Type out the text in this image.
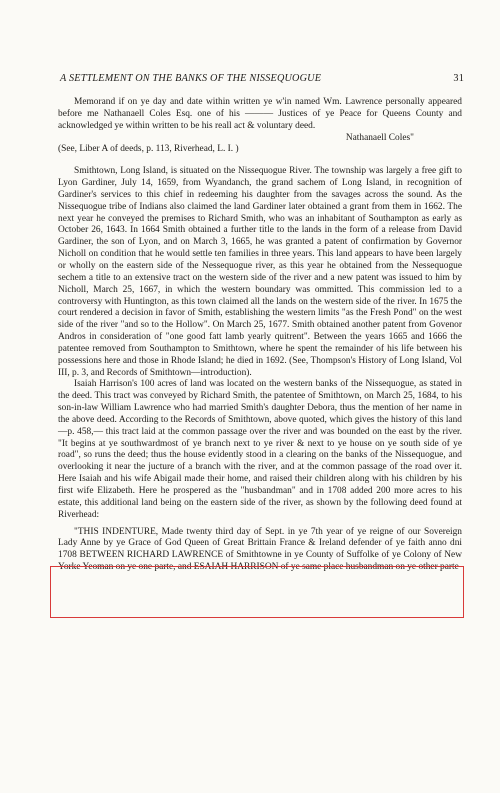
A SETTLEMENT ON THE BANKS OF THE NISSEQUOGUE	31

Memorand if on ye day and date within written ye w'in named Wm. Lawrence personally appeared before me Nathanaell Coles Esq. one of his ——— Justices of ye Peace for Queens County and acknowledged ye within written to be his reall act & voluntary deed.

Nathanaell Coles"

(See, Liber A of deeds, p. 113, Riverhead, L. I. )

Smithtown, Long Island, is situated on the Nissequogue River. The township was largely a free gift to Lyon Gardiner, July 14, 1659, from Wyandanch, the grand sachem of Long Island, in recognition of Gardiner's services to this chief in redeeming his daughter from the savages across the sound. As the Nissequogue tribe of Indians also claimed the land Gardiner later obtained a grant from them in 1662. The next year he conveyed the premises to Richard Smith, who was an inhabitant of Southampton as early as October 26, 1643. In 1664 Smith obtained a further title to the lands in the form of a release from David Gardiner, the son of Lyon, and on March 3, 1665, he was granted a patent of confirmation by Governor Nicholl on condition that he would settle ten families in three years. This land appears to have been largely or wholly on the eastern side of the Nessequogue river, as this year he obtained from the Nessequogue sechem a title to an extensive tract on the western side of the river and a new patent was issued to him by Nicholl, March 25, 1667, in which the western boundary was ommitted. This commission led to a controversy with Huntington, as this town claimed all the lands on the western side of the river. In 1675 the court rendered a decision in favor of Smith, establishing the western limits "as the Fresh Pond" on the west side of the river "and so to the Hollow". On March 25, 1677. Smith obtained another patent from Govenor Andros in consideration of "one good fatt lamb yearly quitrent". Between the years 1665 and 1666 the patentee removed from Southampton to Smithtown, where he spent the remainder of his life between his possessions here and those in Rhode Island; he died in 1692. (See, Thompson's History of Long Island, Vol III, p. 3, and Records of Smithtown—introduction).

Isaiah Harrison's 100 acres of land was located on the western banks of the Nissequogue, as stated in the deed. This tract was conveyed by Richard Smith, the patentee of Smithtown, on March 25, 1684, to his son-in-law William Lawrence who had married Smith's daughter Debora, thus the mention of her name in the above deed. According to the Records of Smithtown, above quoted, which gives the history of this land—p. 458,— this tract laid at the common passage over the river and was bounded on the east by the river. "It begins at ye southwardmost of ye branch next to ye river & next to ye house on ye south side of ye road", so runs the deed; thus the house evidently stood in a clearing on the banks of the Nissequogue, and overlooking it near the jucture of a branch with the river, and at the common passage of the road over it. Here Isaiah and his wife Abigail made their home, and raised their children along with his children by his first wife Elizabeth. Here he prospered as the "husbandman" and in 1708 added 200 more acres to his estate, this additional land being on the eastern side of the river, as shown by the following deed found at Riverhead:

"THIS INDENTURE, Made twenty third day of Sept. in ye 7th year of ye reigne of our Sovereign Lady Anne by ye Grace of God Queen of Great Brittain France & Ireland defender of ye faith anno dni 1708 BETWEEN RICHARD LAWRENCE of Smithtowne in ye County of Suffolke of ye Colony of New Yorke Yeoman on ye one parte, and ESAIAH HARRISON of ye same place husbandman on ye other parte
